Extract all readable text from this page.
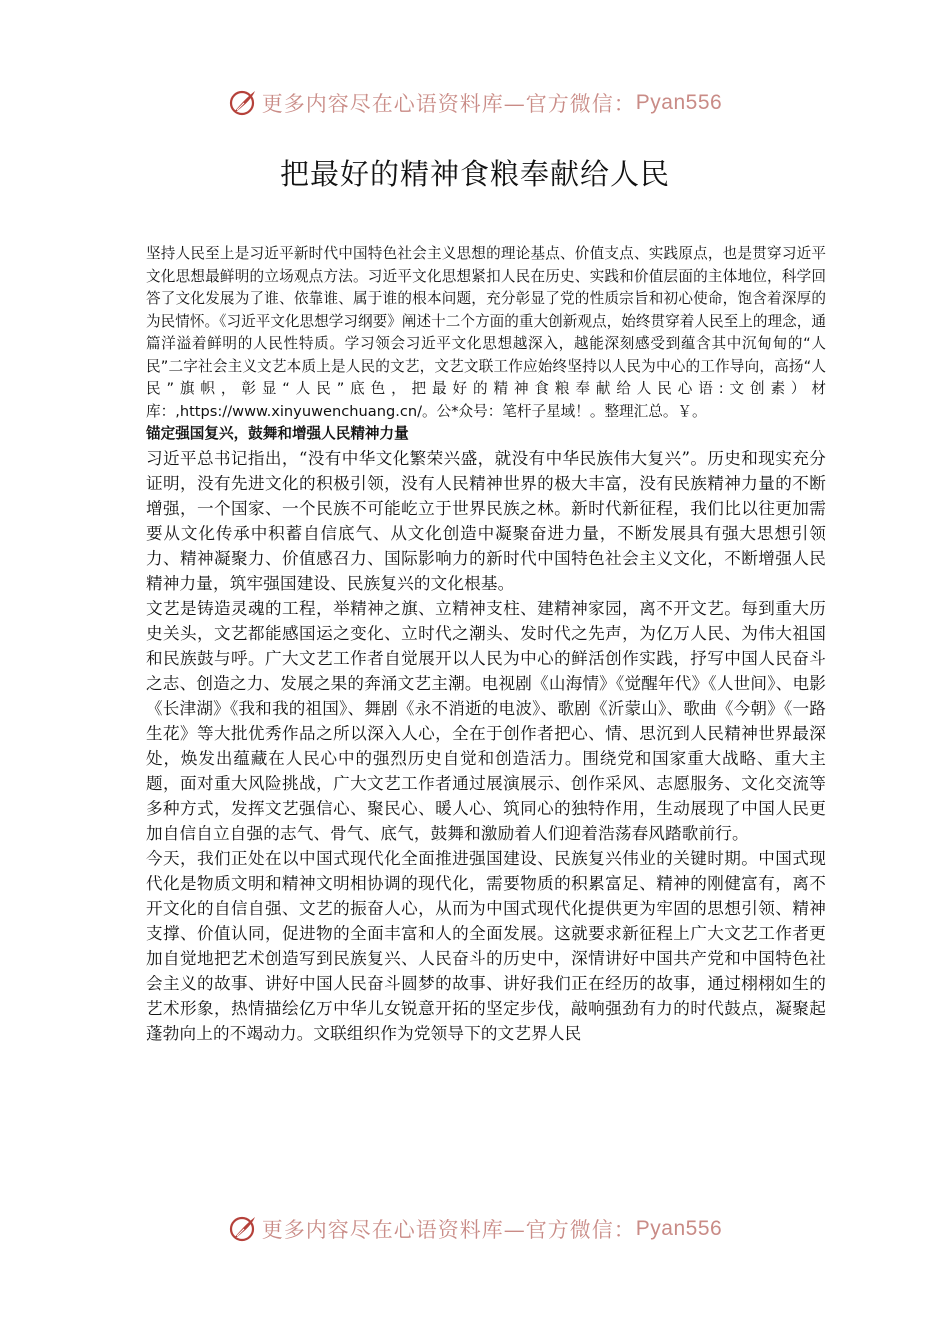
更多内容尽在心语资料库—官方微信： Pyan556
把最好的精神食粮奉献给人民

坚持人民至上是习近平新时代中国特色社会主义思想的理论基点、价值支点、实践原点，也是贯穿习近平文化思想最鲜明的立场观点方法。习近平文化思想紧扣人民在历史、实践和价值层面的主体地位，科学回答了文化发展为了谁、依靠谁、属于谁的根本问题，充分彰显了党的性质宗旨和初心使命，饱含着深厚的为民情怀。《习近平文化思想学习纲要》阐述十二个方面的重大创新观点，始终贯穿着人民至上的理念，通篇洋溢着鲜明的人民性特质。学习领会习近平文化思想越深入，越能深刻感受到蕴含其中沉甸甸的“人民”二字社会主义文艺本质上是人民的文艺，文艺文联工作应始终坚持以人民为中心的工作导向，高扬“人民”旗帜，彰显“人民”底色，把最好的精神食粮奉献给人民心语:文创素）材库：,https://www.xinyuwenchuang.cn/。公*众号：笔杆子星域！。整理汇总。￥。

锚定强国复兴，鼓舞和增强人民精神力量

习近平总书记指出，“没有中华文化繁荣兴盛，就没有中华民族伟大复兴”。历史和现实充分证明，没有先进文化的积极引领，没有人民精神世界的极大丰富，没有民族精神力量的不断增强，一个国家、一个民族不可能屹立于世界民族之林。新时代新征程，我们比以往更加需要从文化传承中积蓄自信底气、从文化创造中凝聚奋进力量，不断发展具有强大思想引领力、精神凝聚力、价值感召力、国际影响力的新时代中国特色社会主义文化，不断增强人民精神力量，筑牢强国建设、民族复兴的文化根基。

文艺是铸造灵魂的工程，举精神之旗、立精神支柱、建精神家园，离不开文艺。每到重大历史关头，文艺都能感国运之变化、立时代之潮头、发时代之先声，为亿万人民、为伟大祖国和民族鼓与呼。广大文艺工作者自觉展开以人民为中心的鲜活创作实践，抒写中国人民奋斗之志、创造之力、发展之果的奔涌文艺主潮。电视剧《山海情》《觉醒年代》《人世间》、电影《长津湖》《我和我的祖国》、舞剧《永不消逝的电波》、歌剧《沂蒙山》、歌曲《今朝》《一路生花》等大批优秀作品之所以深入人心，全在于创作者把心、情、思沉到人民精神世界最深处，焕发出蕴藏在人民心中的强烈历史自觉和创造活力。围绕党和国家重大战略、重大主题，面对重大风险挑战，广大文艺工作者通过展演展示、创作采风、志愿服务、文化交流等多种方式，发挥文艺强信心、聚民心、暖人心、筑同心的独特作用，生动展现了中国人民更加自信自立自强的志气、骨气、底气，鼓舞和激励着人们迎着浩荡春风踏歌前行。

今天，我们正处在以中国式现代化全面推进强国建设、民族复兴伟业的关键时期。中国式现代化是物质文明和精神文明相协调的现代化，需要物质的积累富足、精神的刚健富有，离不开文化的自信自强、文艺的振奋人心，从而为中国式现代化提供更为牢固的思想引领、精神支撑、价值认同，促进物的全面丰富和人的全面发展。这就要求新征程上广大文艺工作者更加自觉地把艺术创造写到民族复兴、人民奋斗的历史中，深情讲好中国共产党和中国特色社会主义的故事、讲好中国人民奋斗圆梦的故事、讲好我们正在经历的故事，通过栩栩如生的艺术形象，热情描绘亿万中华儿女锐意开拓的坚定步伐，敲响强劲有力的时代鼓点，凝聚起蓬勃向上的不竭动力。文联组织作为党领导下的文艺界人民

更多内容尽在心语资料库—官方微信： Pyan556
